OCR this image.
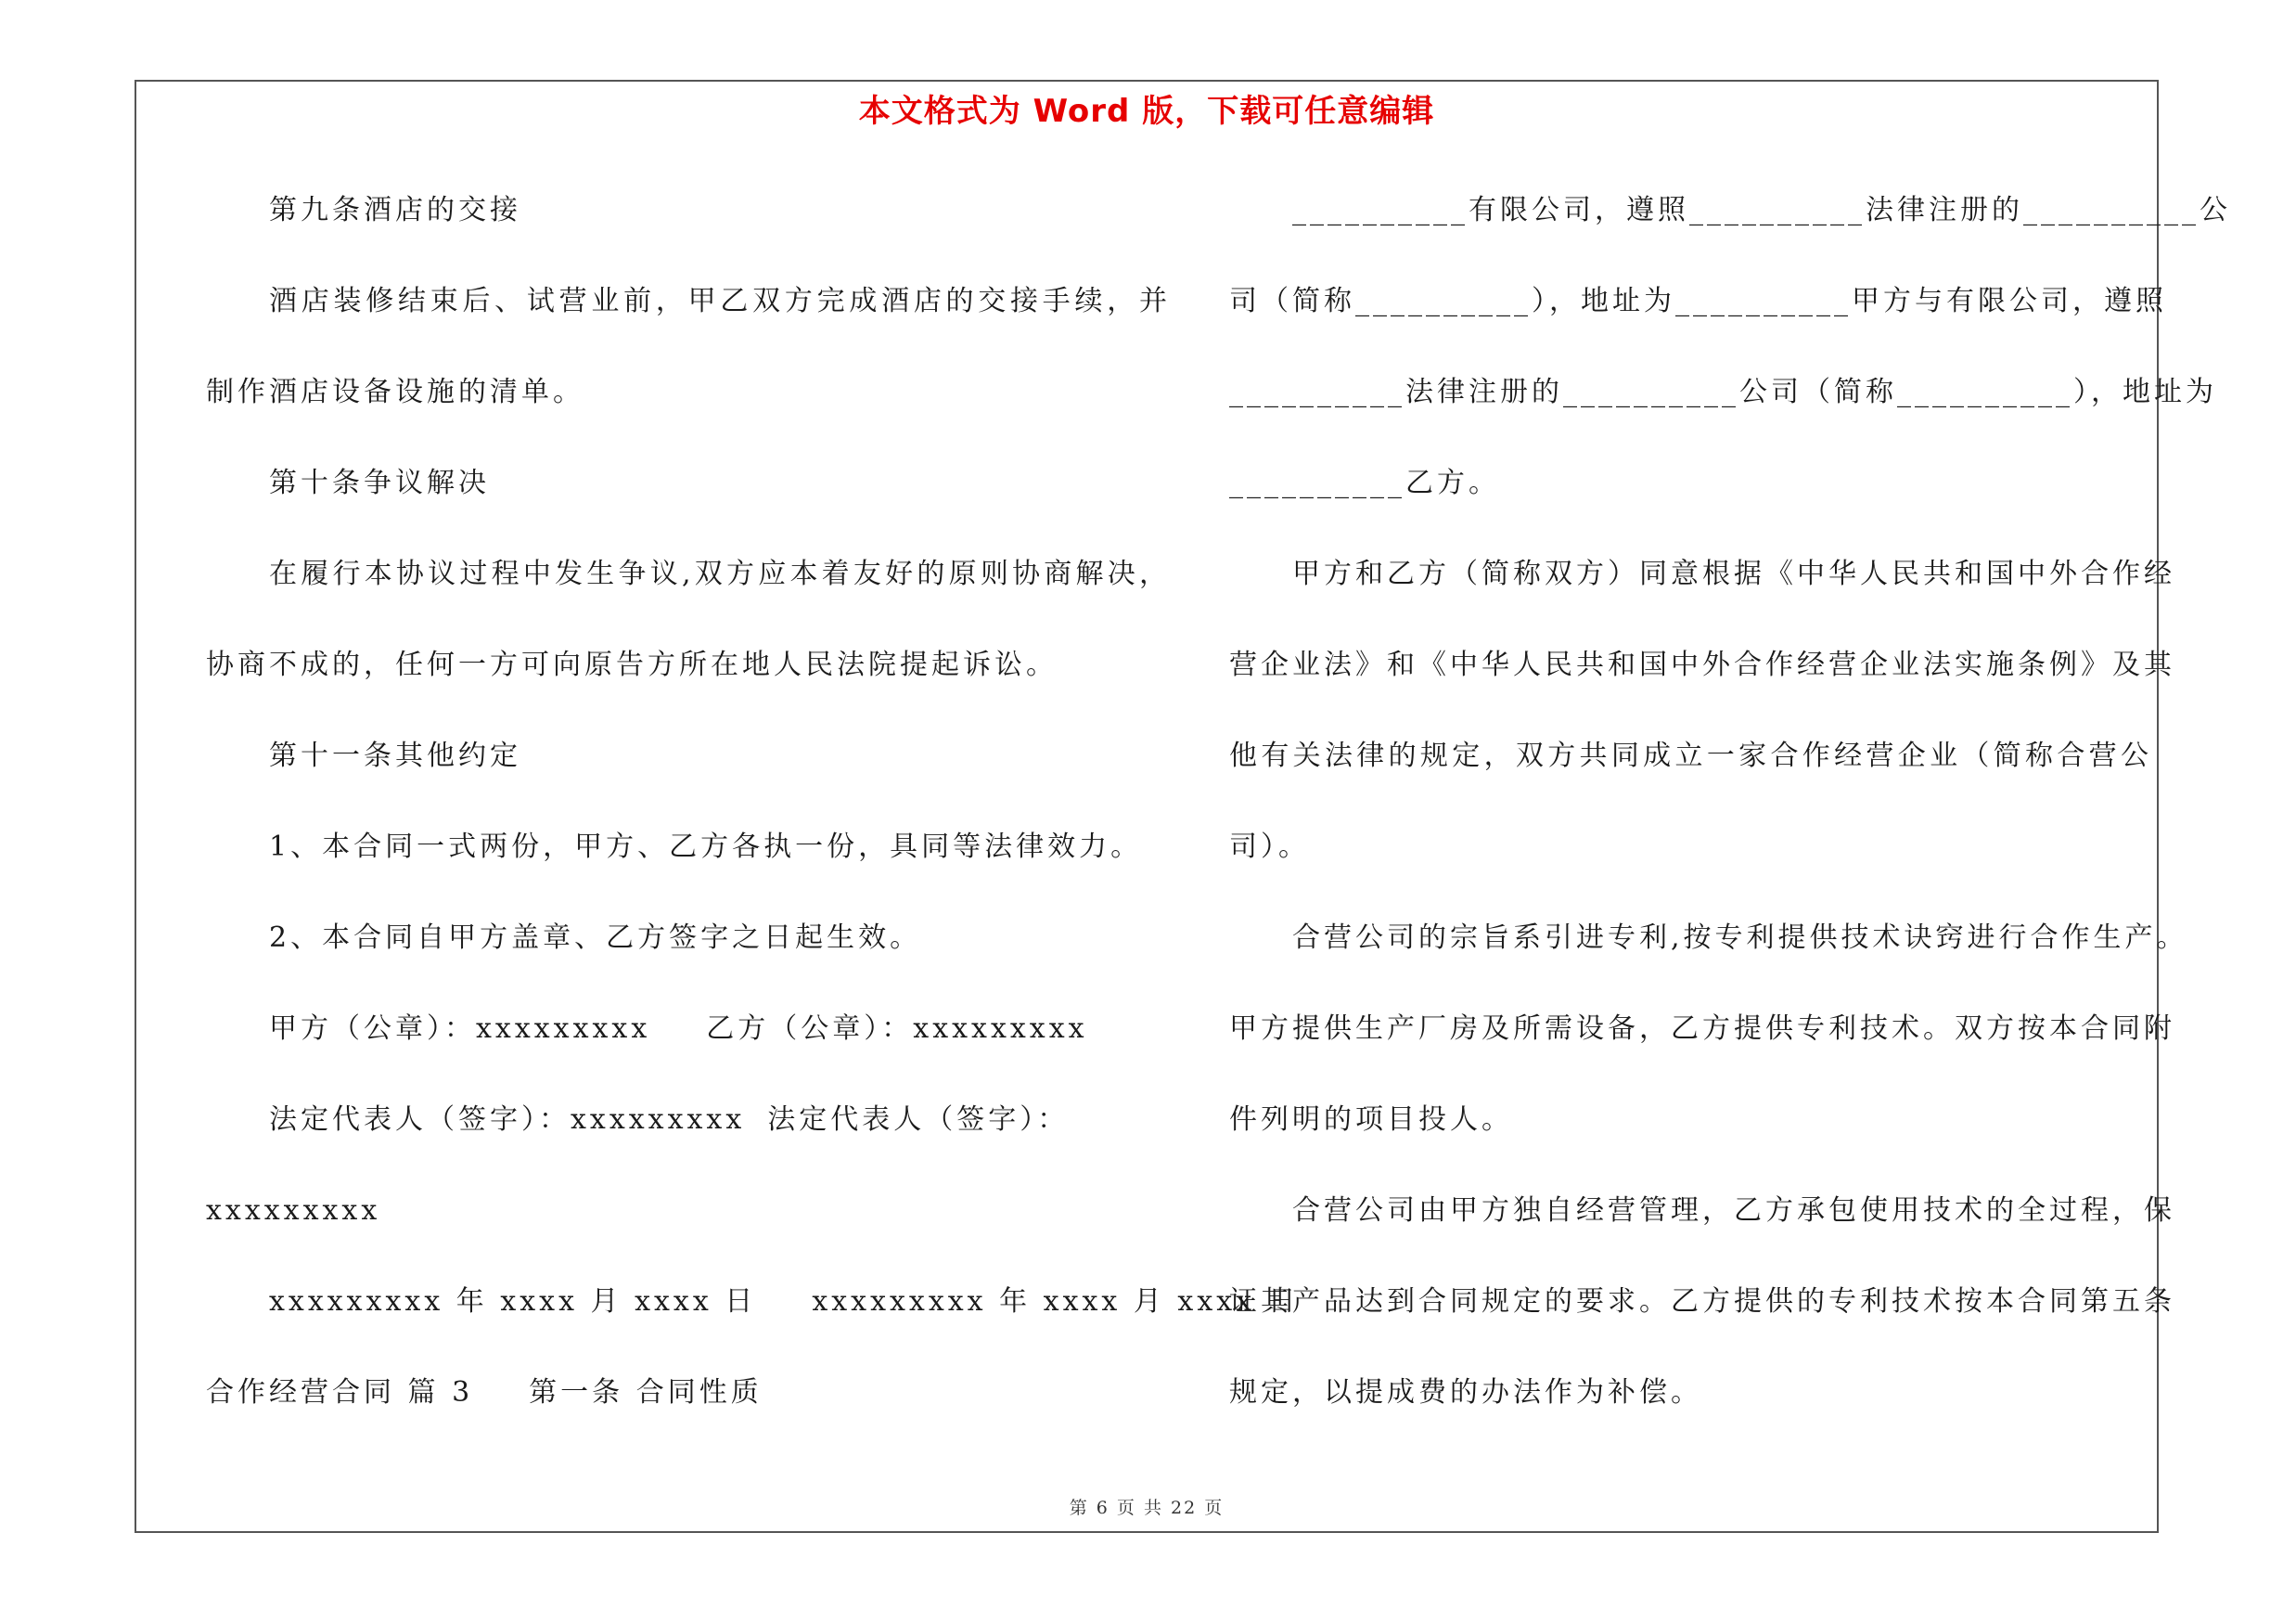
本文格式为 Word 版，下载可任意编辑
第九条酒店的交接
酒店装修结束后、试营业前，甲乙双方完成酒店的交接手续，并
制作酒店设备设施的清单。
第十条争议解决
在履行本协议过程中发生争议,双方应本着友好的原则协商解决，
协商不成的，任何一方可向原告方所在地人民法院提起诉讼。
第十一条其他约定
1、本合同一式两份，甲方、乙方各执一份，具同等法律效力。
2、本合同自甲方盖章、乙方签字之日起生效。
甲方（公章）：xxxxxxxxx 乙方（公章）：xxxxxxxxx
法定代表人（签字）：xxxxxxxxx 法定代表人（签字）：
xxxxxxxxx
xxxxxxxxx 年 xxxx 月 xxxx 日 xxxxxxxxx 年 xxxx 月 xxxx 日
合作经营合同 篇 3 第一条 合同性质
__________有限公司，遵照__________法律注册的__________公
司（简称__________），地址为__________甲方与有限公司，遵照
__________法律注册的__________公司（简称__________），地址为
__________乙方。
甲方和乙方（简称双方）同意根据《中华人民共和国中外合作经
营企业法》和《中华人民共和国中外合作经营企业法实施条例》及其
他有关法律的规定，双方共同成立一家合作经营企业（简称合营公
司）。
合营公司的宗旨系引进专利,按专利提供技术诀窍进行合作生产。
甲方提供生产厂房及所需设备，乙方提供专利技术。双方按本合同附
件列明的项目投人。
合营公司由甲方独自经营管理，乙方承包使用技术的全过程，保
证其产品达到合同规定的要求。乙方提供的专利技术按本合同第五条
规定，以提成费的办法作为补偿。
第 6 页 共 22 页
